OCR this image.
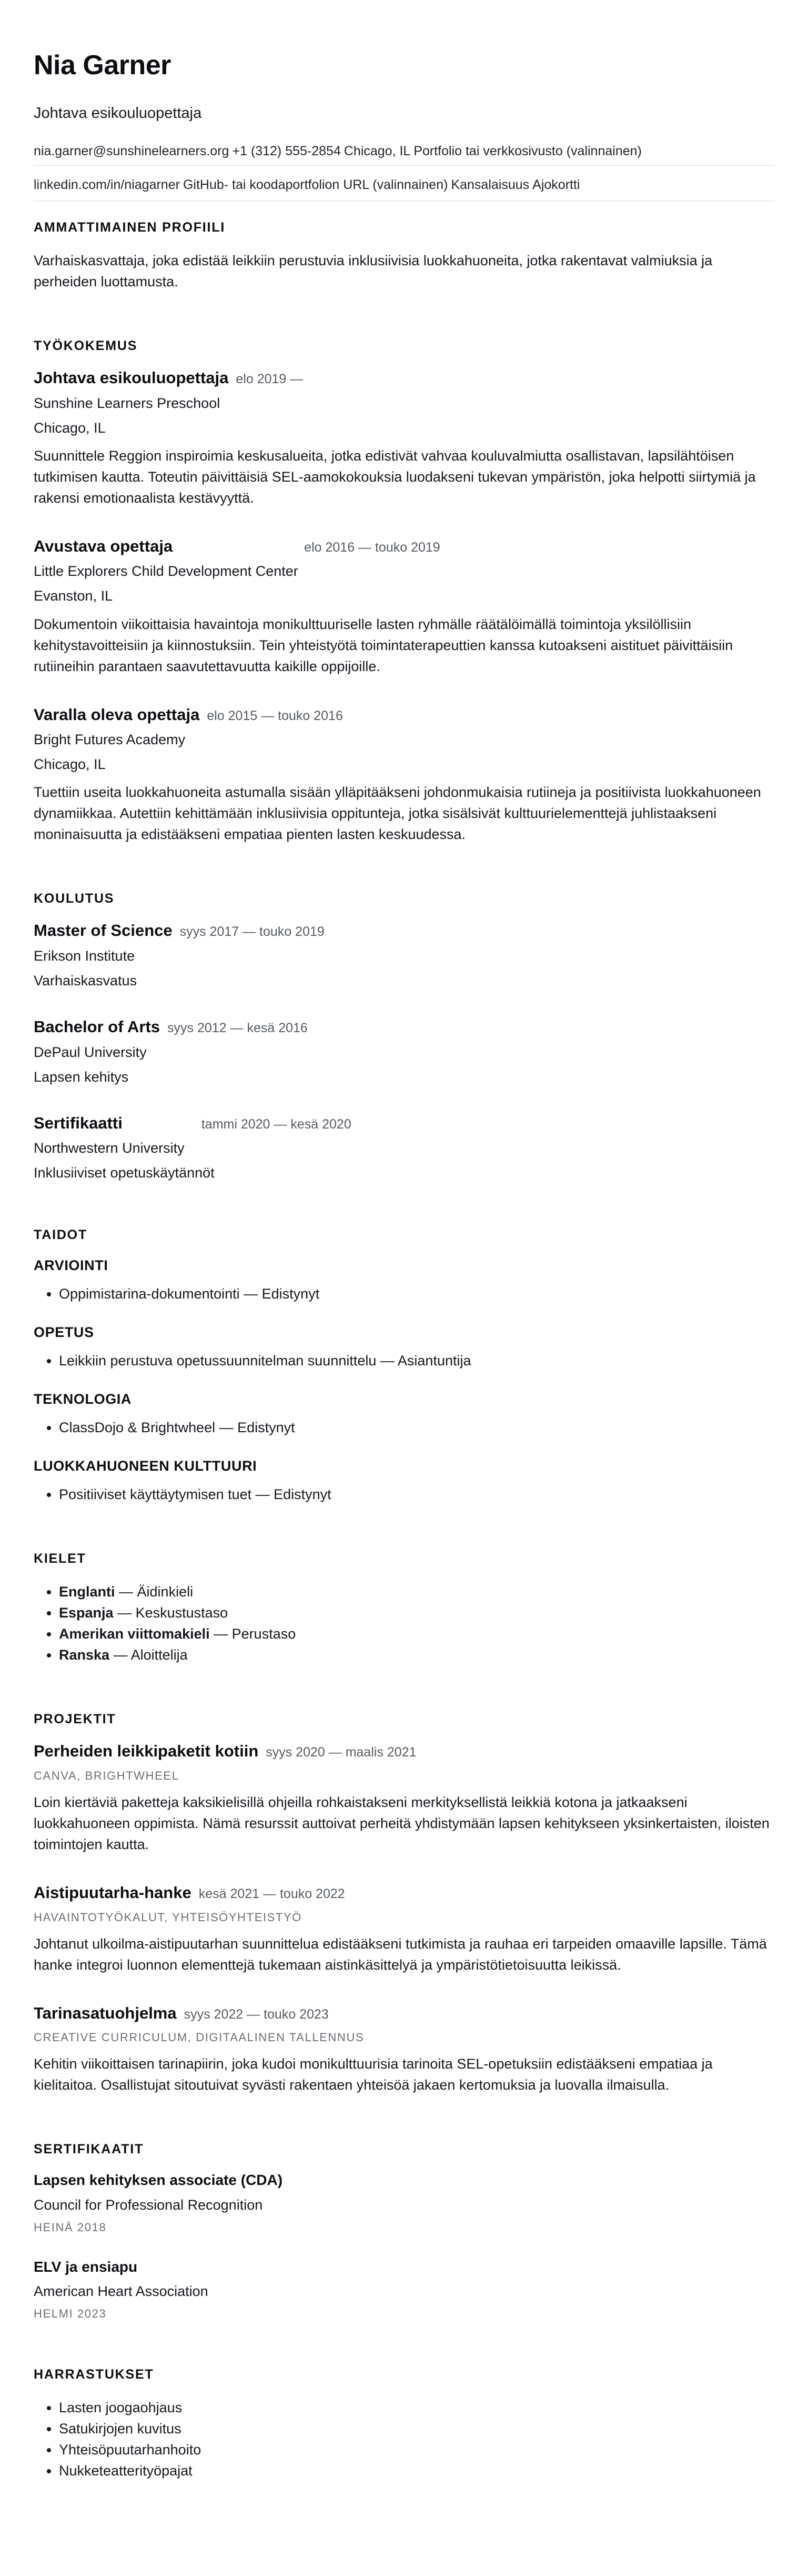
Nia Garner
Johtava esikouluopettaja
nia.garner@sunshinelearners.org +1 (312) 555-2854 Chicago, IL Portfolio tai verkkosivusto (valinnainen)
linkedin.com/in/niagarner GitHub- tai koodaportfolion URL (valinnainen) Kansalaisuus Ajokortti
AMMATTIMAINEN PROFIILI

Varhaiskasvattaja, joka edistää leikkiin perustuvia inklusiivisia luokkahuoneita, jotka rakentavat valmiuksia ja perheiden luottamusta.

TYÖKOKEMUS
Johtava esikouluopettaja elo 2019 —
Sunshine Learners Preschool
Chicago, IL

Suunnittele Reggion inspiroimia keskusalueita, jotka edistivät vahvaa kouluvalmiutta osallistavan, lapsilähtöisen tutkimisen kautta. Toteutin päivittäisiä SEL-aamokokouksia luodakseni tukevan ympäristön, joka helpotti siirtymiä ja rakensi emotionaalista kestävyyttä.

Avustava opettaja	elo 2016 — touko 2019
Little Explorers Child Development Center
Evanston, IL

Dokumentoin viikoittaisia havaintoja monikulttuuriselle lasten ryhmälle räätälöimällä toimintoja yksilöllisiin kehitystavoitteisiin ja kiinnostuksiin. Tein yhteistyötä toimintaterapeuttien kanssa kutoakseni aistituet päivittäisiin rutiineihin parantaen saavutettavuutta kaikille oppijoille.

Varalla oleva opettaja elo 2015 — touko 2016
Bright Futures Academy
Chicago, IL

Tuettiin useita luokkahuoneita astumalla sisään ylläpitääkseni johdonmukaisia rutiineja ja positiivista luokkahuoneen dynamiikkaa. Autettiin kehittämään inklusiivisia oppitunteja, jotka sisälsivät kulttuurielementtejä juhlistaakseni moninaisuutta ja edistääkseni empatiaa pienten lasten keskuudessa.

KOULUTUS
Master of Science syys 2017 — touko 2019
Erikson Institute
Varhaiskasvatus
Bachelor of Arts syys 2012 — kesä 2016
DePaul University
Lapsen kehitys
Sertifikaatti	tammi 2020 — kesä 2020
Northwestern University
Inklusiiviset opetuskäytännöt
TAIDOT
ARVIOINTI
• Oppimistarina-dokumentointi — Edistynyt
OPETUS
• Leikkiin perustuva opetussuunnitelman suunnittelu — Asiantuntija
TEKNOLOGIA
• ClassDojo & Brightwheel — Edistynyt
LUOKKAHUONEEN KULTTUURI
• Positiiviset käyttäytymisen tuet — Edistynyt
KIELET
• Englanti — Äidinkieli
• Espanja — Keskustustaso
• Amerikan viittomakieli — Perustaso
• Ranska — Aloittelija
PROJEKTIT
Perheiden leikkipaketit kotiin syys 2020 — maalis 2021
CANVA, BRIGHTWHEEL

Loin kiertäviä paketteja kaksikielisillä ohjeilla rohkaistakseni merkityksellistä leikkiä kotona ja jatkaakseni luokkahuoneen oppimista. Nämä resurssit auttoivat perheitä yhdistymään lapsen kehitykseen yksinkertaisten, iloisten toimintojen kautta.

Aistipuutarha-hanke kesä 2021 — touko 2022
HAVAINTOTYÖKALUT, YHTEISÖYHTEISTYÖ

Johtanut ulkoilma-aistipuutarhan suunnittelua edistääkseni tutkimista ja rauhaa eri tarpeiden omaaville lapsille. Tämä hanke integroi luonnon elementtejä tukemaan aistinkäsittelyä ja ympäristötietoisuutta leikissä.

Tarinasatuohjelma syys 2022 — touko 2023
CREATIVE CURRICULUM, DIGITAALINEN TALLENNUS

Kehitin viikoittaisen tarinapiirin, joka kudoi monikulttuurisia tarinoita SEL-opetuksiin edistääkseni empatiaa ja kielitaitoa. Osallistujat sitoutuivat syvästi rakentaen yhteisöä jakaen kertomuksia ja luovalla ilmaisulla.

SERTIFIKAATIT
Lapsen kehityksen associate (CDA)
Council for Professional Recognition
HEINÄ 2018
ELV ja ensiapu
American Heart Association
HELMI 2023
HARRASTUKSET
• Lasten joogaohjaus
• Satukirjojen kuvitus
• Yhteisöpuutarhanhoito
• Nukketeatterityöpajat
